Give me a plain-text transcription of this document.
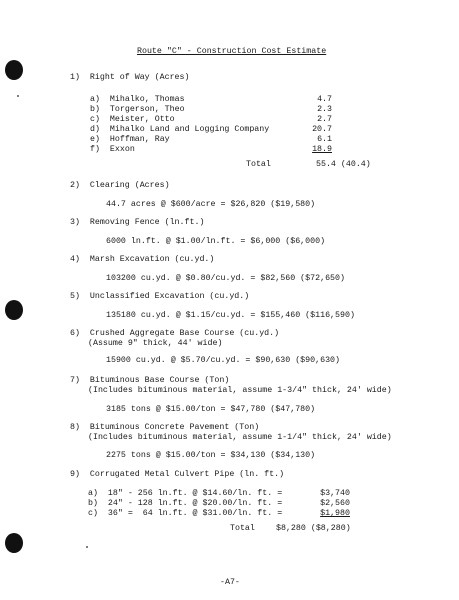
Route "C" - Construction Cost Estimate
1)  Right of Way (Acres)
a)  Mihalko, Thomas	4.7
b)  Torgerson, Theo	2.3
c)  Meister, Otto	2.7
d)  Mihalko Land and Logging Company	20.7
e)  Hoffman, Ray	6.1
f)  Exxon	18.9
Total	55.4 (40.4)
2)  Clearing (Acres)
44.7 acres @ $600/acre = $26,820 ($19,580)
3)  Removing Fence (ln.ft.)
6000 ln.ft. @ $1.00/ln.ft. = $6,000 ($6,000)
4)  Marsh Excavation (cu.yd.)
103200 cu.yd. @ $0.80/cu.yd. = $82,560 ($72,650)
5)  Unclassified Excavation (cu.yd.)
135180 cu.yd. @ $1.15/cu.yd. = $155,460 ($116,590)
6)  Crushed Aggregate Base Course (cu.yd.)
(Assume 9" thick, 44' wide)
15900 cu.yd. @ $5.70/cu.yd. = $90,630 ($90,630)
7)  Bituminous Base Course (Ton)
(Includes bituminous material, assume 1-3/4" thick, 24' wide)
3185 tons @ $15.00/ton = $47,780 ($47,780)
8)  Bituminous Concrete Pavement (Ton)
(Includes bituminous material, assume 1-1/4" thick, 24' wide)
2275 tons @ $15.00/ton = $34,130 ($34,130)
9)  Corrugated Metal Culvert Pipe (ln. ft.)
a)  18" - 256 ln.ft. @ $14.60/ln. ft. =	$3,740
b)  24" - 128 ln.ft. @ $20.00/ln. ft. =	$2,560
c)  36" =  64 ln.ft. @ $31.00/ln. ft. =	$1,980
Total	$8,280 ($8,280)
-A7-
